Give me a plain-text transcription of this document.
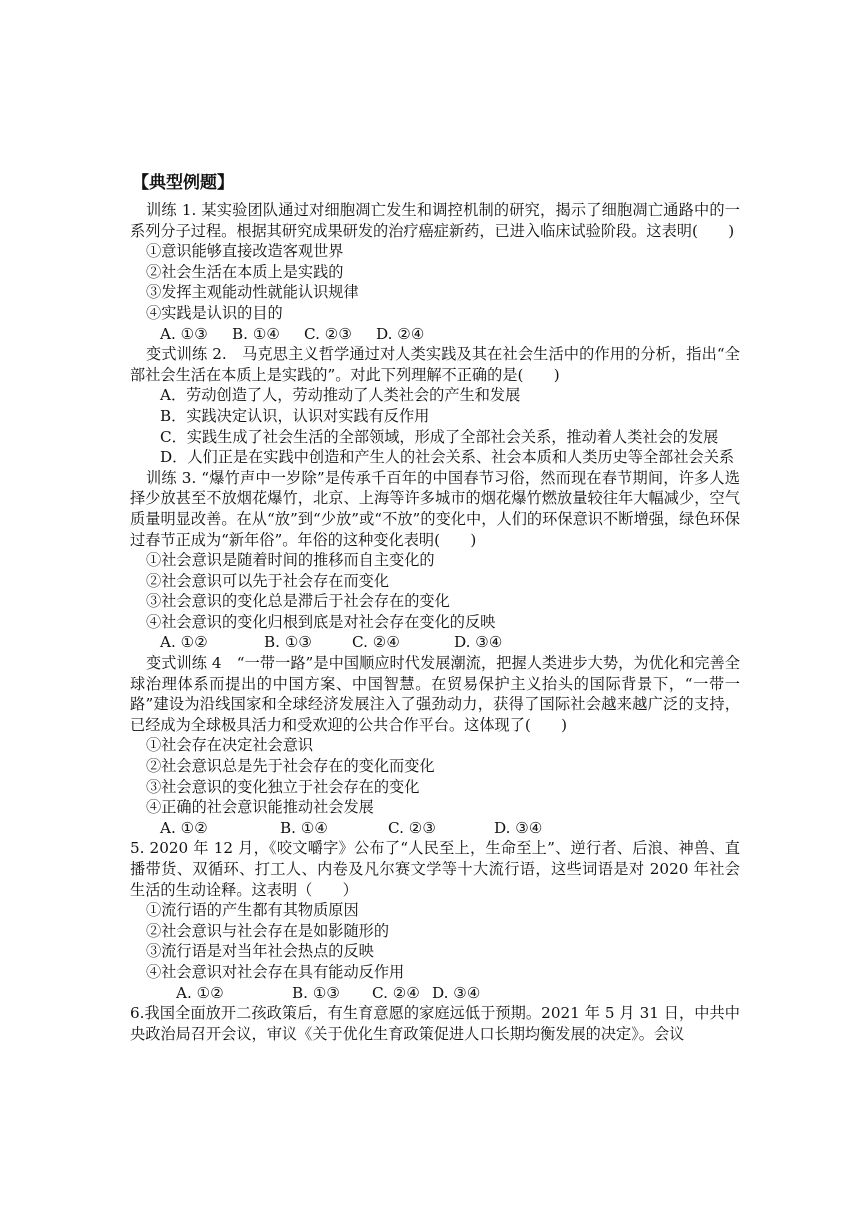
【典型例题】

训练 1. 某实验团队通过对细胞凋亡发生和调控机制的研究，揭示了细胞凋亡通路中的一系列分子过程。根据其研究成果研发的治疗癌症新药，已进入临床试验阶段。这表明(　　)

①意识能够直接改造客观世界

②社会生活在本质上是实践的

③发挥主观能动性就能认识规律

④实践是认识的目的

A. ①③ B. ①④ C. ②③ D. ②④

变式训练 2.　马克思主义哲学通过对人类实践及其在社会生活中的作用的分析，指出“全部社会生活在本质上是实践的”。对此下列理解不正确的是(　　)

A．劳动创造了人，劳动推动了人类社会的产生和发展

B．实践决定认识，认识对实践有反作用

C．实践生成了社会生活的全部领域，形成了全部社会关系，推动着人类社会的发展

D．人们正是在实践中创造和产生人的社会关系、社会本质和人类历史等全部社会关系

训练 3. “爆竹声中一岁除”是传承千百年的中国春节习俗，然而现在春节期间，许多人选择少放甚至不放烟花爆竹，北京、上海等许多城市的烟花爆竹燃放量较往年大幅减少，空气质量明显改善。在从“放”到“少放”或“不放”的变化中，人们的环保意识不断增强，绿色环保过春节正成为“新年俗”。年俗的这种变化表明(　　)

①社会意识是随着时间的推移而自主变化的

②社会意识可以先于社会存在而变化

③社会意识的变化总是滞后于社会存在的变化

④社会意识的变化归根到底是对社会存在变化的反映

A. ①②	B. ①③	C. ②④	D. ③④

变式训练 4　“一带一路”是中国顺应时代发展潮流，把握人类进步大势，为优化和完善全球治理体系而提出的中国方案、中国智慧。在贸易保护主义抬头的国际背景下，“一带一路”建设为沿线国家和全球经济发展注入了强劲动力，获得了国际社会越来越广泛的支持，已经成为全球极具活力和受欢迎的公共合作平台。这体现了(　　)

①社会存在决定社会意识

②社会意识总是先于社会存在的变化而变化

③社会意识的变化独立于社会存在的变化

④正确的社会意识能推动社会发展

A. ①②	B. ①④	C. ②③	D. ③④

5. 2020 年 12 月，《咬文嚼字》公布了“人民至上，生命至上”、逆行者、后浪、神兽、直播带货、双循环、打工人、内卷及凡尔赛文学等十大流行语，这些词语是对 2020 年社会生活的生动诠释。这表明（　　）

①流行语的产生都有其物质原因

②社会意识与社会存在是如影随形的

③流行语是对当年社会热点的反映

④社会意识对社会存在具有能动反作用

A. ①②	B. ①③ C. ②④ D. ③④

6.我国全面放开二孩政策后，有生育意愿的家庭远低于预期。2021 年 5 月 31 日，中共中央政治局召开会议，审议《关于优化生育政策促进人口长期均衡发展的决定》。会议
